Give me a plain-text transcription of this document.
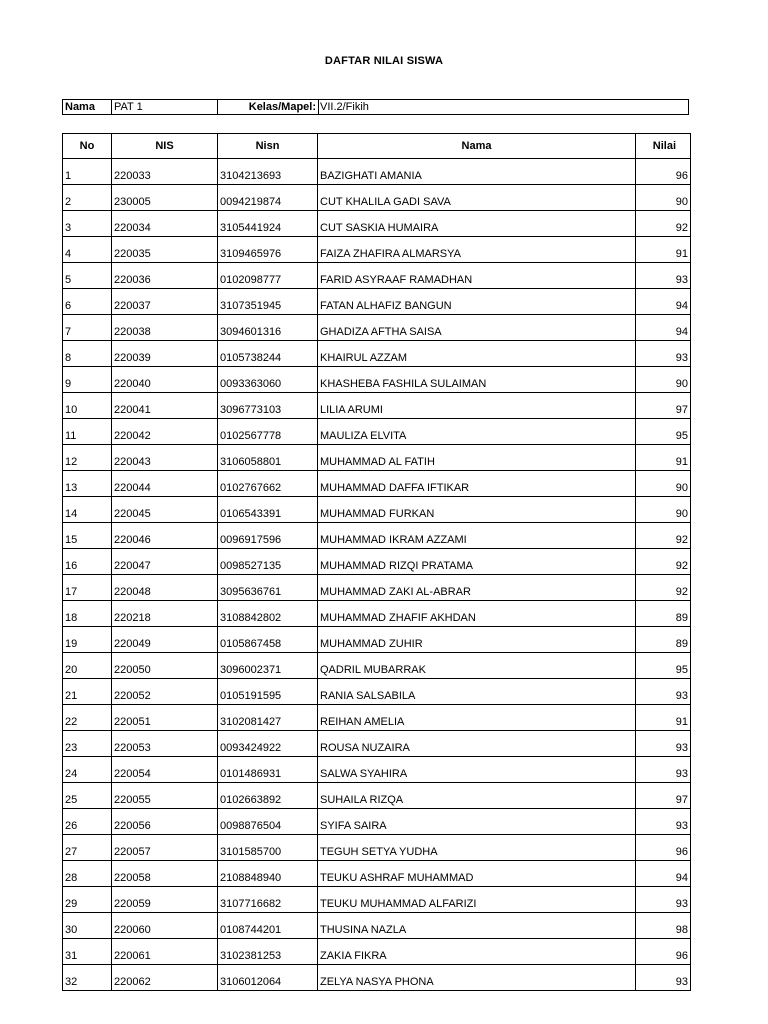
DAFTAR NILAI SISWA
Nama PAT 1	Kelas/Mapel: VII.2/Fikih
No	NIS	Nisn	Nama	Nilai
1	220033	3104213693	BAZIGHATI AMANIA	96
2	230005	0094219874	CUT KHALILA GADI SAVA	90
3	220034	3105441924	CUT SASKIA HUMAIRA	92
4	220035	3109465976	FAIZA ZHAFIRA ALMARSYA	91
5	220036	0102098777	FARID ASYRAAF RAMADHAN	93
6	220037	3107351945	FATAN ALHAFIZ BANGUN	94
7	220038	3094601316	GHADIZA AFTHA SAISA	94
8	220039	0105738244	KHAIRUL AZZAM	93
9	220040	0093363060	KHASHEBA FASHILA SULAIMAN	90
10	220041	3096773103	LILIA ARUMI	97
11	220042	0102567778	MAULIZA ELVITA	95
12	220043	3106058801	MUHAMMAD AL FATIH	91
13	220044	0102767662	MUHAMMAD DAFFA IFTIKAR	90
14	220045	0106543391	MUHAMMAD FURKAN	90
15	220046	0096917596	MUHAMMAD IKRAM AZZAMI	92
16	220047	0098527135	MUHAMMAD RIZQI PRATAMA	92
17	220048	3095636761	MUHAMMAD ZAKI AL-ABRAR	92
18	220218	3108842802	MUHAMMAD ZHAFIF AKHDAN	89
19	220049	0105867458	MUHAMMAD ZUHIR	89
20	220050	3096002371	QADRIL MUBARRAK	95
21	220052	0105191595	RANIA SALSABILA	93
22	220051	3102081427	REIHAN AMELIA	91
23	220053	0093424922	ROUSA NUZAIRA	93
24	220054	0101486931	SALWA SYAHIRA	93
25	220055	0102663892	SUHAILA RIZQA	97
26	220056	0098876504	SYIFA SAIRA	93
27	220057	3101585700	TEGUH SETYA YUDHA	96
28	220058	2108848940	TEUKU ASHRAF MUHAMMAD	94
29	220059	3107716682	TEUKU MUHAMMAD ALFARIZI	93
30	220060	0108744201	THUSINA NAZLA	98
31	220061	3102381253	ZAKIA FIKRA	96
32	220062	3106012064	ZELYA NASYA PHONA	93
